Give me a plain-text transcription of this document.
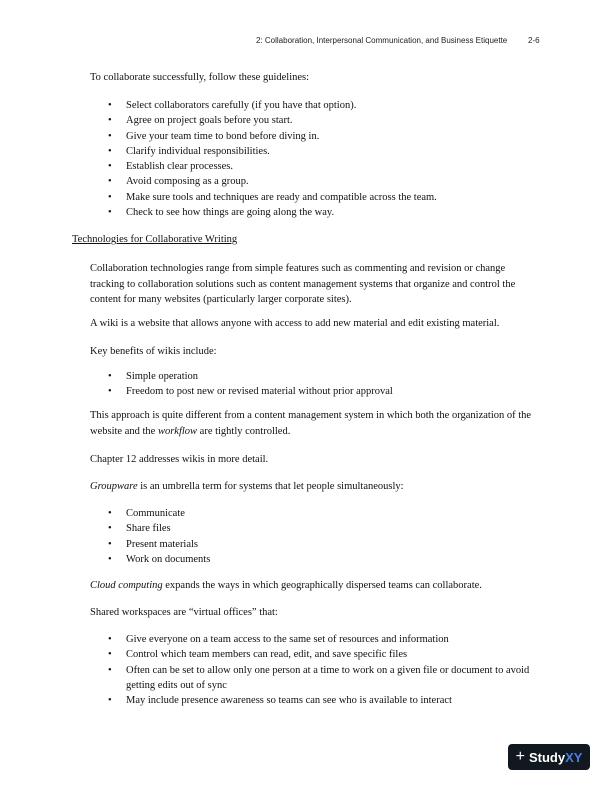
2: Collaboration, Interpersonal Communication, and Business Etiquette	2-6
To collaborate successfully, follow these guidelines:
• Select collaborators carefully (if you have that option).
• Agree on project goals before you start.
• Give your team time to bond before diving in.
• Clarify individual responsibilities.
• Establish clear processes.
• Avoid composing as a group.
• Make sure tools and techniques are ready and compatible across the team.
• Check to see how things are going along the way.
Technologies for Collaborative Writing
Collaboration technologies range from simple features such as commenting and revision or change tracking to collaboration solutions such as content management systems that organize and control the content for many websites (particularly larger corporate sites).
A wiki is a website that allows anyone with access to add new material and edit existing material.
Key benefits of wikis include:
• Simple operation
• Freedom to post new or revised material without prior approval
This approach is quite different from a content management system in which both the organization of the website and the workflow are tightly controlled.
Chapter 12 addresses wikis in more detail.
Groupware is an umbrella term for systems that let people simultaneously:
• Communicate
• Share files
• Present materials
• Work on documents
Cloud computing expands the ways in which geographically dispersed teams can collaborate.
Shared workspaces are “virtual offices” that:
• Give everyone on a team access to the same set of resources and information
• Control which team members can read, edit, and save specific files
• Often can be set to allow only one person at a time to work on a given file or document to avoid getting edits out of sync
• May include presence awareness so teams can see who is available to interact
+ Study XY
